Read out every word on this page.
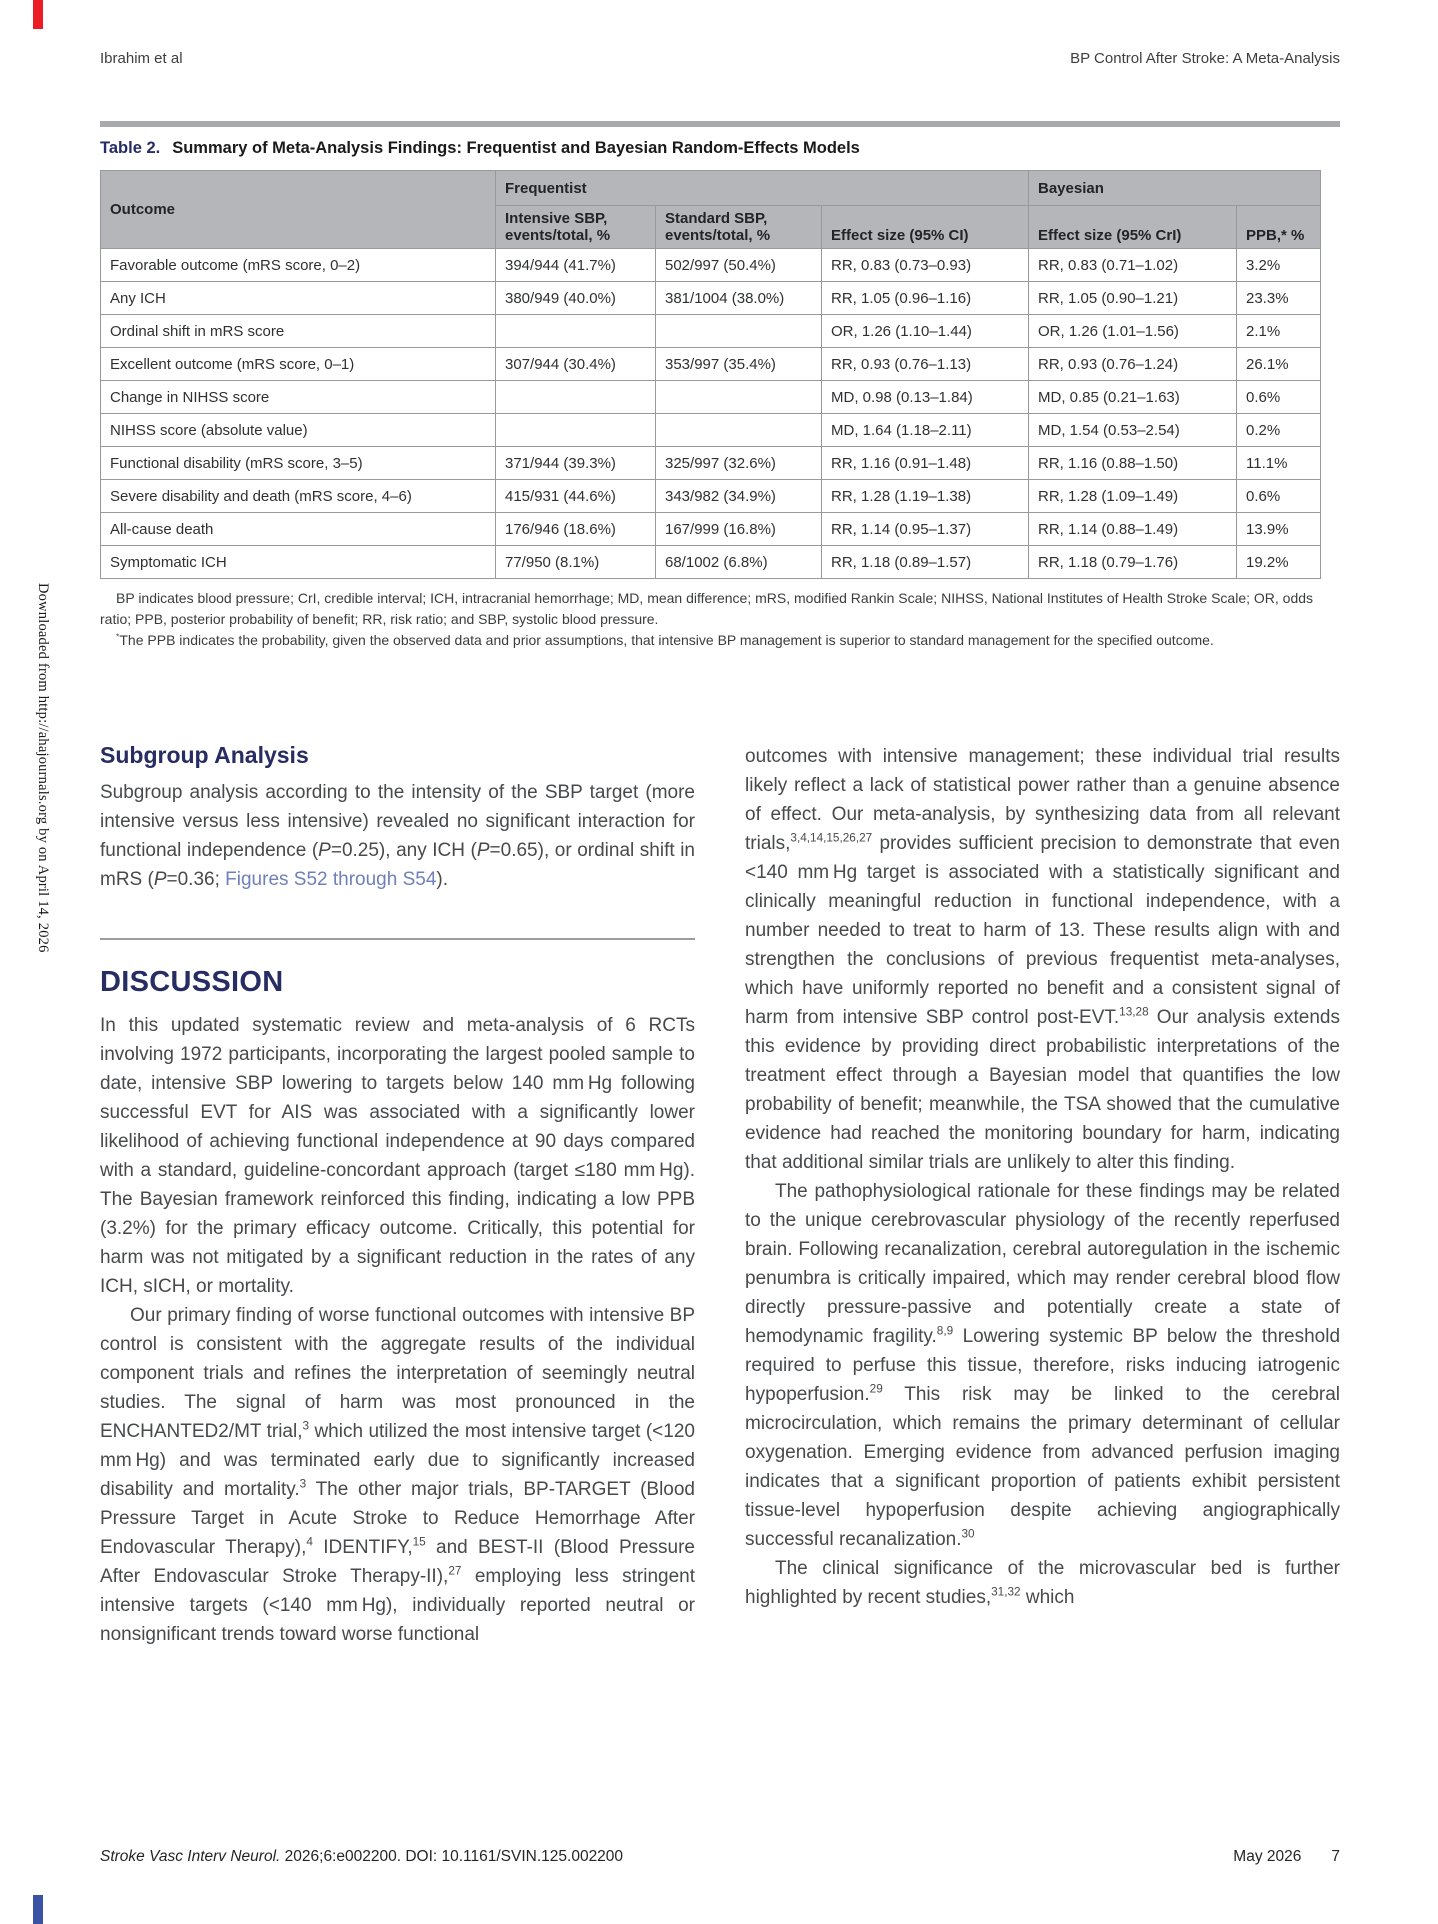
Downloaded from http://ahajournals.org by on April 14, 2026
Ibrahim et al	BP Control After Stroke: A Meta-Analysis

Table 2. Summary of Meta-Analysis Findings: Frequentist and Bayesian Random-Effects Models

Outcome	Frequentist			Bayesian	
	Intensive SBP, events/total, %	Standard SBP, events/total, %	Effect size (95% CI)	Effect size (95% CrI)	PPB,* %
Favorable outcome (mRS score, 0–2)	394/944 (41.7%)	502/997 (50.4%)	RR, 0.83 (0.73–0.93)	RR, 0.83 (0.71–1.02)	3.2%
Any ICH	380/949 (40.0%)	381/1004 (38.0%)	RR, 1.05 (0.96–1.16)	RR, 1.05 (0.90–1.21)	23.3%
Ordinal shift in mRS score			OR, 1.26 (1.10–1.44)	OR, 1.26 (1.01–1.56)	2.1%
Excellent outcome (mRS score, 0–1)	307/944 (30.4%)	353/997 (35.4%)	RR, 0.93 (0.76–1.13)	RR, 0.93 (0.76–1.24)	26.1%
Change in NIHSS score			MD, 0.98 (0.13–1.84)	MD, 0.85 (0.21–1.63)	0.6%
NIHSS score (absolute value)			MD, 1.64 (1.18–2.11)	MD, 1.54 (0.53–2.54)	0.2%
Functional disability (mRS score, 3–5)	371/944 (39.3%)	325/997 (32.6%)	RR, 1.16 (0.91–1.48)	RR, 1.16 (0.88–1.50)	11.1%
Severe disability and death (mRS score, 4–6)	415/931 (44.6%)	343/982 (34.9%)	RR, 1.28 (1.19–1.38)	RR, 1.28 (1.09–1.49)	0.6%
All-cause death	176/946 (18.6%)	167/999 (16.8%)	RR, 1.14 (0.95–1.37)	RR, 1.14 (0.88–1.49)	13.9%
Symptomatic ICH	77/950 (8.1%)	68/1002 (6.8%)	RR, 1.18 (0.89–1.57)	RR, 1.18 (0.79–1.76)	19.2%

BP indicates blood pressure; CrI, credible interval; ICH, intracranial hemorrhage; MD, mean difference; mRS, modified Rankin Scale; NIHSS, National Institutes of Health Stroke Scale; OR, odds ratio; PPB, posterior probability of benefit; RR, risk ratio; and SBP, systolic blood pressure.

*The PPB indicates the probability, given the observed data and prior assumptions, that intensive BP management is superior to standard management for the specified outcome.

Subgroup Analysis

Subgroup analysis according to the intensity of the SBP target (more intensive versus less intensive) revealed no significant interaction for functional independence (P=0.25), any ICH (P=0.65), or ordinal shift in mRS (P=0.36; Figures S52 through S54).

DISCUSSION

In this updated systematic review and meta-analysis of 6 RCTs involving 1972 participants, incorporating the largest pooled sample to date, intensive SBP lowering to targets below 140 mm Hg following successful EVT for AIS was associated with a significantly lower likelihood of achieving functional independence at 90 days compared with a standard, guideline-concordant approach (target ≤180 mm Hg). The Bayesian framework reinforced this finding, indicating a low PPB (3.2%) for the primary efficacy outcome. Critically, this potential for harm was not mitigated by a significant reduction in the rates of any ICH, sICH, or mortality.

Our primary finding of worse functional outcomes with intensive BP control is consistent with the aggregate results of the individual component trials and refines the interpretation of seemingly neutral studies. The signal of harm was most pronounced in the ENCHANTED2/MT trial,$^3$ which utilized the most intensive target (<120 mm Hg) and was terminated early due to significantly increased disability and mortality.$^3$ The other major trials, BP-TARGET (Blood Pressure Target in Acute Stroke to Reduce Hemorrhage After Endovascular Therapy),$^4$ IDENTIFY,$^{15}$ and BEST-II (Blood Pressure After Endovascular Stroke Therapy-II),$^{27}$ employing less stringent intensive targets (<140 mm Hg), individually reported neutral or nonsignificant trends toward worse functional

outcomes with intensive management; these individual trial results likely reflect a lack of statistical power rather than a genuine absence of effect. Our meta-analysis, by synthesizing data from all relevant trials,$^{3,4,14,15,26,27}$ provides sufficient precision to demonstrate that even <140 mm Hg target is associated with a statistically significant and clinically meaningful reduction in functional independence, with a number needed to treat to harm of 13. These results align with and strengthen the conclusions of previous frequentist meta-analyses, which have uniformly reported no benefit and a consistent signal of harm from intensive SBP control post-EVT.$^{13,28}$ Our analysis extends this evidence by providing direct probabilistic interpretations of the treatment effect through a Bayesian model that quantifies the low probability of benefit; meanwhile, the TSA showed that the cumulative evidence had reached the monitoring boundary for harm, indicating that additional similar trials are unlikely to alter this finding.

The pathophysiological rationale for these findings may be related to the unique cerebrovascular physiology of the recently reperfused brain. Following recanalization, cerebral autoregulation in the ischemic penumbra is critically impaired, which may render cerebral blood flow directly pressure-passive and potentially create a state of hemodynamic fragility.$^{8,9}$ Lowering systemic BP below the threshold required to perfuse this tissue, therefore, risks inducing iatrogenic hypoperfusion.$^{29}$ This risk may be linked to the cerebral microcirculation, which remains the primary determinant of cellular oxygenation. Emerging evidence from advanced perfusion imaging indicates that a significant proportion of patients exhibit persistent tissue-level hypoperfusion despite achieving angiographically successful recanalization.$^{30}$

The clinical significance of the microvascular bed is further highlighted by recent studies,$^{31,32}$ which

Stroke Vasc Interv Neurol. 2026;6:e002200. DOI: 10.1161/SVIN.125.002200	May 2026 7
